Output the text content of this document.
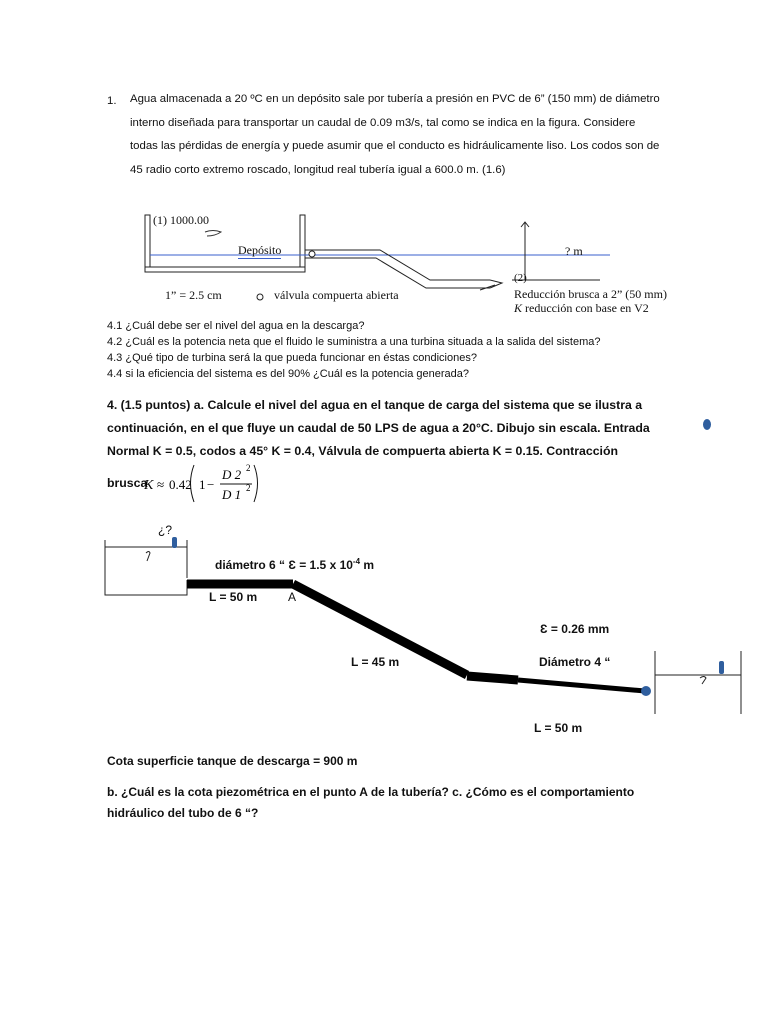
1. Agua almacenada a 20 ºC en un depósito sale por tubería a presión en PVC de 6” (150 mm) de diámetro
interno diseñada para transportar un caudal de 0.09 m3/s, tal como se indica en la figura. Considere
todas las pérdidas de energía y puede asumir que el conducto es hidráulicamente liso. Los codos son de
45 radio corto extremo roscado, longitud real tubería igual a 600.0 m. (1.6)
(1) 1000.00
Depósito	? m
(2)
1” = 2.5 cm	válvula compuerta abierta	Reducción brusca a 2” (50 mm)
K reducción con base en V2
4.1 ¿Cuál debe ser el nivel del agua en la descarga?
4.2 ¿Cuál es la potencia neta que el fluido le suministra a una turbina situada a la salida del sistema?
4.3 ¿Qué tipo de turbina será la que pueda funcionar en éstas condiciones?
4.4 si la eficiencia del sistema es del 90% ¿Cuál es la potencia generada?
4. (1.5 puntos) a. Calcule el nivel del agua en el tanque de carga del sistema que se ilustra a
continuación, en el que fluye un caudal de 50 LPS de agua a 20°C. Dibujo sin escala. Entrada
Normal K = 0.5, codos a 45° K = 0.4, Válvula de compuerta abierta K = 0.15. Contracción
brusca
K ≈ 0.42 1 −
D 2 2
D 1 2
¿?
diámetro 6 “ Ɛ = 1.5 x $10^{-4}$ m
L = 50 m	A
Ɛ = 0.26 mm
L = 45 m	Diámetro 4 “
L = 50 m
Cota superficie tanque de descarga = 900 m
b. ¿Cuál es la cota piezométrica en el punto A de la tubería? c. ¿Cómo es el comportamiento
hidráulico del tubo de 6 “?
